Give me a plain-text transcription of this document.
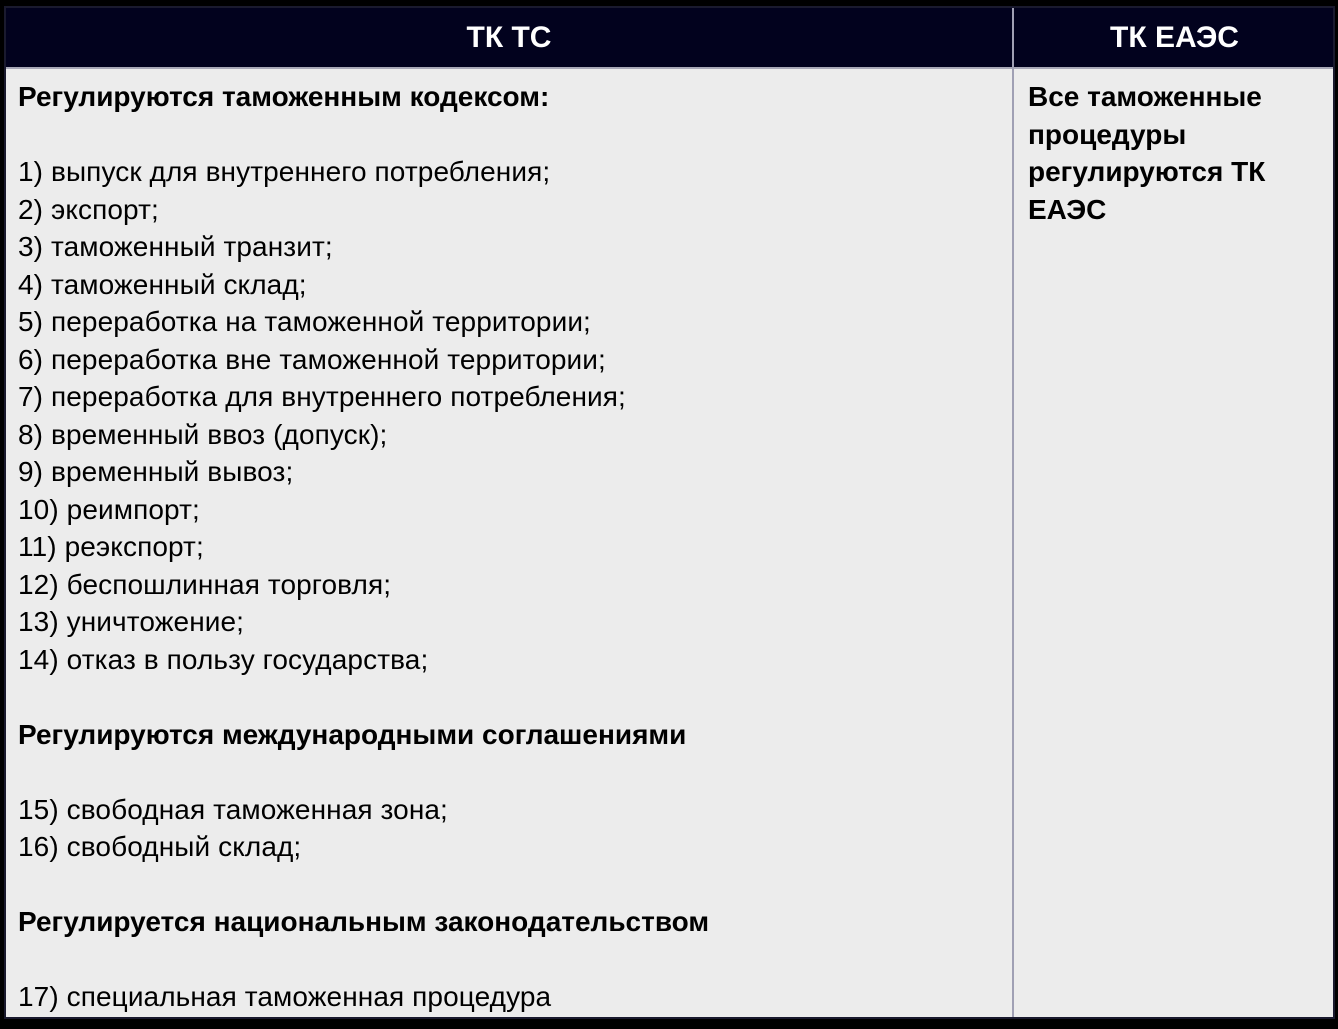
ТК ТС	ТК ЕАЭС
Регулируются таможенным кодексом:
1) выпуск для внутреннего потребления;
2) экспорт;
3) таможенный транзит;
4) таможенный склад;
5) переработка на таможенной территории;
6) переработка вне таможенной территории;
7) переработка для внутреннего потребления;
8) временный ввоз (допуск);
9) временный вывоз;
10) реимпорт;
11) реэкспорт;
12) беспошлинная торговля;
13) уничтожение;
14) отказ в пользу государства;
Регулируются международными соглашениями
15) свободная таможенная зона;
16) свободный склад;
Регулируется национальным законодательством
17) специальная таможенная процедура
Все таможенные процедуры регулируются ТК ЕАЭС
